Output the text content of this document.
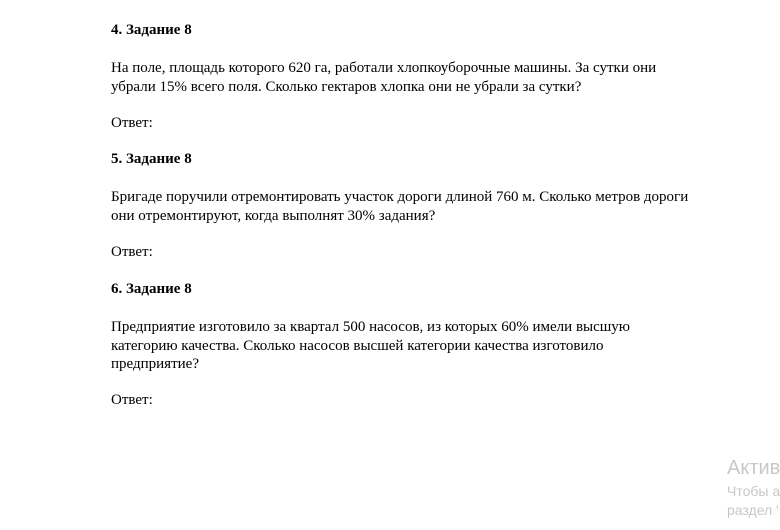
4. Задание 8
На поле, площадь которого 620 га, работали хлопкоуборочные машины. За сутки они
убрали 15% всего поля. Сколько гектаров хлопка они не убрали за сутки?
Ответ:
5. Задание 8
Бригаде поручили отремонтировать участок дороги длиной 760 м. Сколько метров дороги
они отремонтируют, когда выполнят 30% задания?
Ответ:
6. Задание 8
Предприятие изготовило за квартал 500 насосов, из которых 60% имели высшую
категорию качества. Сколько насосов высшей категории качества изготовило
предприятие?
Ответ:
Актив
Чтобы а
раздел '
